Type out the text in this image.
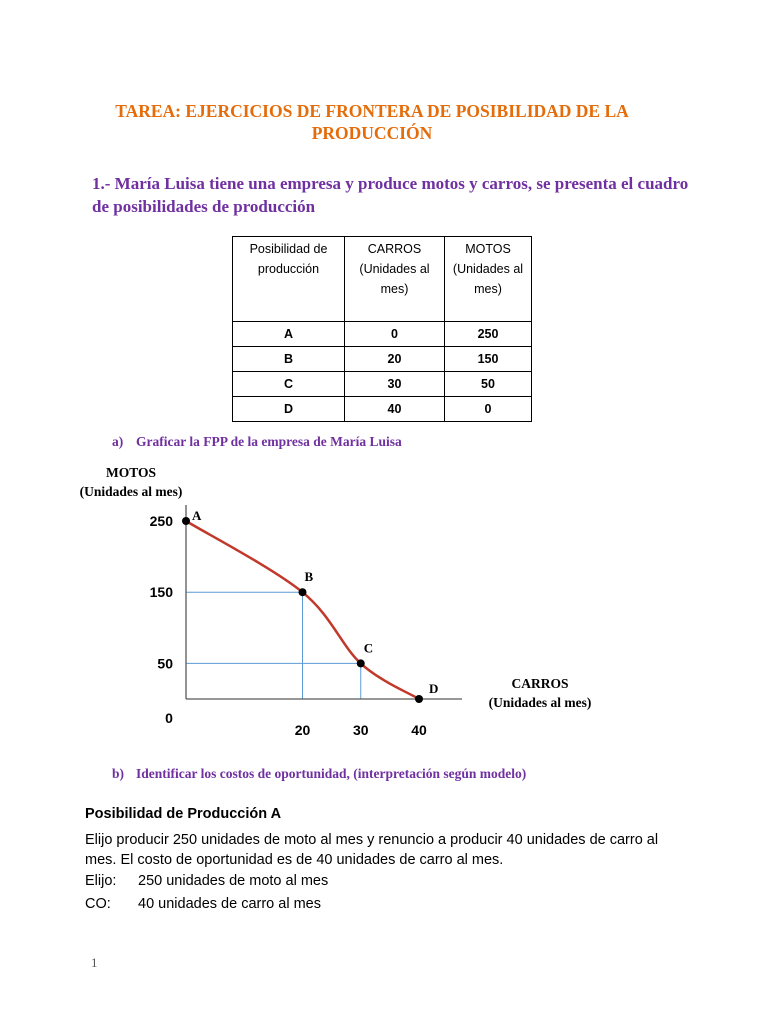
TAREA: EJERCICIOS DE FRONTERA DE POSIBILIDAD DE LA
PRODUCCIÓN
1.- María Luisa tiene una empresa y produce motos y carros, se presenta el cuadro de posibilidades de producción
Posibilidad de
producción	CARROS
(Unidades al
mes)	MOTOS
(Unidades al
mes)
A	0	250
B	20	150
C	30	50
D	40	0
a) Graficar la FPP de la empresa de María Luisa
MOTOS
(Unidades al mes)
CARROS
(Unidades al mes)
A
B
C
D
250
150
50
20	30	40
0
b) Identificar los costos de oportunidad, (interpretación según modelo)
Posibilidad de Producción A
Elijo producir 250 unidades de moto al mes y renuncio a producir 40 unidades de carro al mes. El costo de oportunidad es de 40 unidades de carro al mes.
Elijo: 250 unidades de moto al mes
CO: 40 unidades de carro al mes
1
